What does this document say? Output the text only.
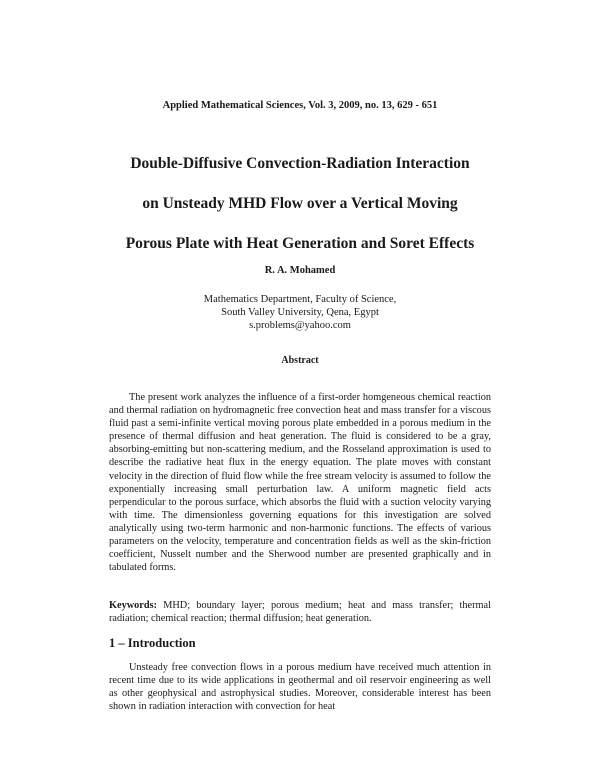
Applied Mathematical Sciences, Vol. 3, 2009, no. 13, 629 - 651
Double-Diffusive Convection-Radiation Interaction
on Unsteady MHD Flow over a Vertical Moving
Porous Plate with Heat Generation and Soret Effects
R. A. Mohamed
Mathematics Department, Faculty of Science,
South Valley University, Qena, Egypt
s.problems@yahoo.com
Abstract

The present work analyzes the influence of a first-order homgeneous chemical reaction and thermal radiation on hydromagnetic free convection heat and mass transfer for a viscous fluid past a semi-infinite vertical moving porous plate embedded in a porous medium in the presence of thermal diffusion and heat generation. The fluid is considered to be a gray, absorbing-emitting but non-scattering medium, and the Rosseland approximation is used to describe the radiative heat flux in the energy equation. The plate moves with constant velocity in the direction of fluid flow while the free stream velocity is assumed to follow the exponentially increasing small perturbation law. A uniform magnetic field acts perpendicular to the porous surface, which absorbs the fluid with a suction velocity varying with time. The dimensionless governing equations for this investigation are solved analytically using two-term harmonic and non-harmonic functions. The effects of various parameters on the velocity, temperature and concentration fields as well as the skin-friction coefficient, Nusselt number and the Sherwood number are presented graphically and in tabulated forms.

Keywords: MHD; boundary layer; porous medium; heat and mass transfer; thermal radiation; chemical reaction; thermal diffusion; heat generation.
1 – Introduction

Unsteady free convection flows in a porous medium have received much attention in recent time due to its wide applications in geothermal and oil reservoir engineering as well as other geophysical and astrophysical studies. Moreover, considerable interest has been shown in radiation interaction with convection for heat
